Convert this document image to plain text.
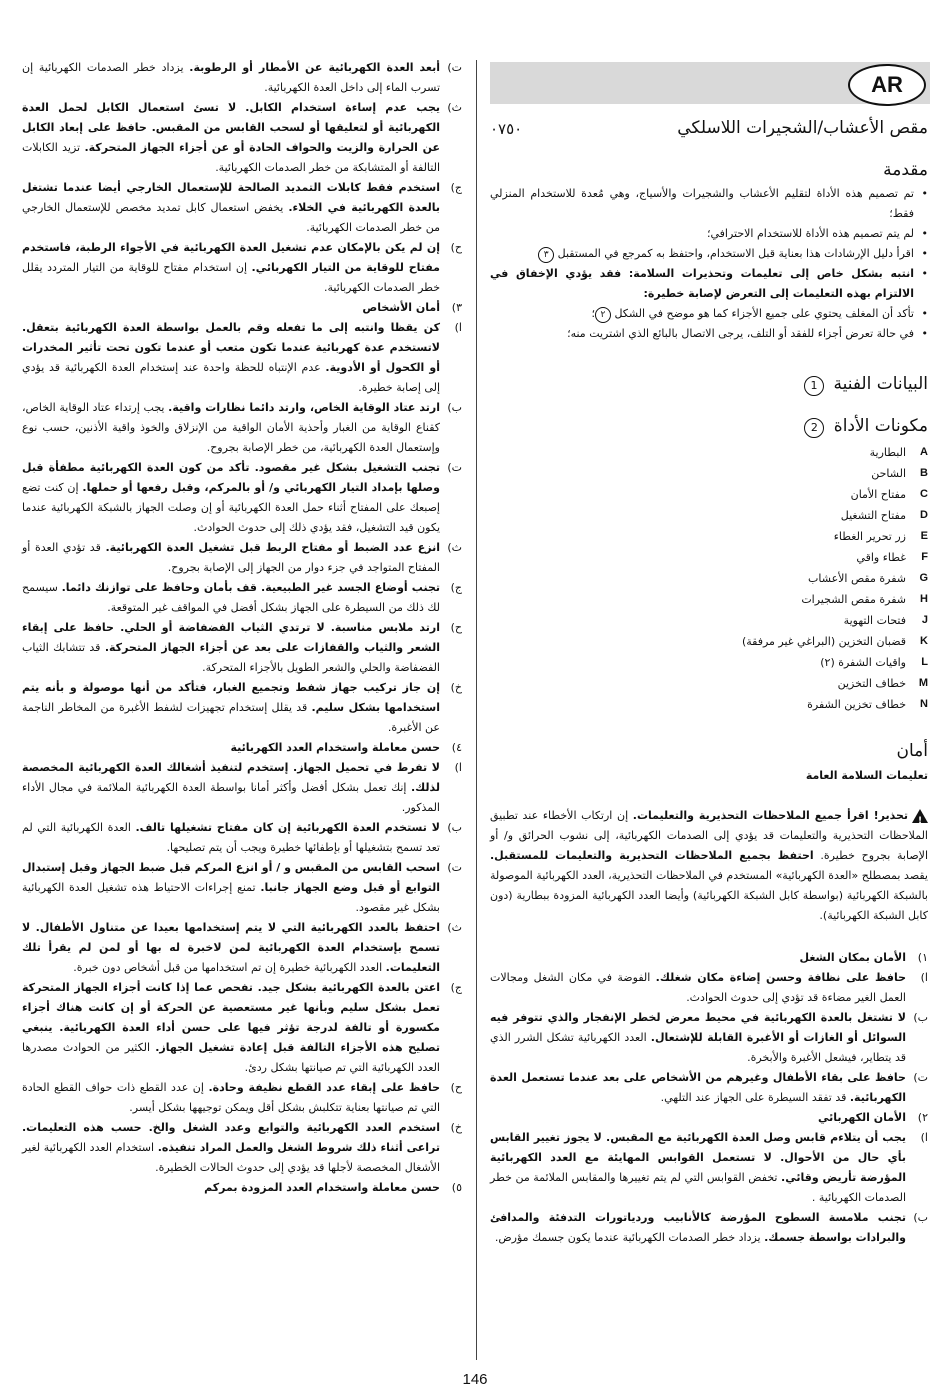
AR
مقص الأعشاب/الشجيرات اللاسلكي
٠٧٥٠
ت)
أبعد العدة الكهربائية عن الأمطار أو الرطوبة. يزداد خطر الصدمات الكهربائية إن تسرب الماء إلى داخل العدة الكهربائية.
ث)
يجب عدم إساءة استخدام الكابل. لا تسئ استعمال الكابل لحمل العدة الكهربائية أو لتعليقها أو لسحب القابس من المقبس. حافظ على إبعاد الكابل عن الحرارة والزيت والحواف الحادة أو عن أجزاء الجهاز المتحركة. تزيد الكابلات التالفة أو المتشابكة من خطر الصدمات الكهربائية.
ج)
استخدم فقط كابلات التمديد الصالحة للإستعمال الخارجي أيضا عندما تشتغل بالعدة الكهربائية في الخلاء. يخفض استعمال كابل تمديد مخصص للإستعمال الخارجي من خطر الصدمات الكهربائية.
ح)
إن لم يكن بالإمكان عدم تشغيل العدة الكهربائية في الأجواء الرطبة، فاستخدم مفتاح للوقاية من التيار الكهربائي. إن استخدام مفتاح للوقاية من التيار المتردد يقلل خطر الصدمات الكهربائية.
٣)
أمان الأشخاص
ا)
كن يقظا وانتبه إلى ما تفعله وقم بالعمل بواسطة العدة الكهربائية بتعقل. لاتستخدم عدة كهربائية عندما تكون متعب أو عندما تكون تحت تأثير المخدرات أو الكحول أو الأدوية. عدم الإنتباه للحظة واحدة عند إستخدام العدة الكهربائية قد يؤدي إلى إصابة خطيرة.
ب)
ارتد عتاد الوقاية الخاص، وارتد دائما نظارات واقية. يجب إرتداء عتاد الوقاية الخاص، كقناع الوقاية من الغبار وأحذية الأمان الواقية من الإنزلاق والخوذ واقية الأذنين، حسب نوع وإستعمال العدة الكهربائية، من خطر الإصابة بجروح.
ت)
تجنب التشغيل بشكل غير مقصود. تأكد من كون العدة الكهربائية مطفأة قبل وصلها بإمداد التيار الكهربائي و/ أو بالمركم، وقبل رفعها أو حملها. إن كنت تضع إصبعك على المفتاح أثناء حمل العدة الكهربائية أو إن وصلت الجهاز بالشبكة الكهربائية عندما يكون قيد التشغيل، فقد يؤدي ذلك إلى حدوث الحوادث.
ث)
انزع عدد الضبط أو مفتاح الربط قبل تشغيل العدة الكهربائية. قد تؤدي العدة أو المفتاح المتواجد في جزء دوار من الجهاز إلى الإصابة بجروح.
ج)
تجنب أوضاع الجسد غير الطبيعية. قف بأمان وحافظ على توازنك دائما. سيسمح لك ذلك من السيطرة على الجهاز بشكل أفضل في المواقف غير المتوقعة.
ح)
ارتد ملابس مناسبة. لا ترتدي الثياب الفضفاضة أو الحلي. حافظ على إبقاء الشعر والثياب والقفازات على بعد عن أجزاء الجهاز المتحركة. قد تتشابك الثياب الفضفاضة والحلي والشعر الطويل بالأجزاء المتحركة.
خ)
إن جاز تركيب جهاز شفط وتجميع الغبار، فتأكد من أنها موصولة و بأنه يتم استخدامها بشكل سليم. قد يقلل إستخدام تجهيزات لشفط الأغبرة من المخاطر الناجمة عن الأغبرة.
٤)
حسن معاملة واستخدام العدد الكهربائية
ا)
لا تفرط في تحميل الجهاز. إستخدم لتنفيذ أشغالك العدة الكهربائية المخصصة لذلك. إنك تعمل بشكل أفضل وأكثر أمانا بواسطة العدة الكهربائية الملائمة في مجال الأداء المذكور.
ب)
لا تستخدم العدة الكهربائية إن كان مفتاح تشغيلها تالف. العدة الكهربائية التي لم تعد تسمح بتشغيلها أو بإطفائها خطيرة ويجب أن يتم تصليحها.
ت)
اسحب القابس من المقبس و / أو انزع المركم قبل ضبط الجهاز وقبل إستبدال التوابع أو قبل وضع الجهاز جانبا. تمنع إجراءات الاحتياط هذه تشغيل العدة الكهربائية بشكل غير مقصود.
ث)
احتفظ بالعدد الكهربائية التي لا يتم إستخدامها بعيدا عن متناول الأطفال. لا تسمح بإستخدام العدة الكهربائية لمن لاخبرة له بها أو لمن لم يقرأ تلك التعليمات. العدد الكهربائية خطيرة إن تم استخدامها من قبل أشخاص دون خبرة.
ج)
اعتن بالعدة الكهربائية بشكل جيد. تفحص عما إذا كانت أجزاء الجهاز المتحركة تعمل بشكل سليم وبأنها غير مستعصية عن الحركة أو إن كانت هناك أجزاء مكسورة أو تالفة لدرجة تؤثر فيها على حسن أداء العدة الكهربائية. ينبغي تصليح هذه الأجزاء التالفة قبل إعادة تشغيل الجهاز. الكثير من الحوادث مصدرها العدد الكهربائية التي تم صيانتها بشكل ردئ.
ح)
حافظ على إبقاء عدد القطع نظيفة وحادة. إن عدد القطع ذات حواف القطع الحادة التي تم صيانتها بعناية تتكلبش بشكل أقل ويمكن توجيهها بشكل أيسر.
خ)
استخدم العدد الكهربائية والتوابع وعدد الشغل والخ. حسب هذه التعليمات. تراعى أثناء ذلك شروط الشغل والعمل المراد تنفيذه. استخدام العدد الكهربائية لغير الأشغال المخصصة لأجلها قد يؤدي إلى حدوث الحالات الخطيرة.
٥)
حسن معاملة واستخدام العدد المزودة بمركم

مقدمة

•
تم تصميم هذه الأداة لتقليم الأعشاب والشجيرات والأسياج، وهي مُعدة للاستخدام المنزلي فقط؛
•
لم يتم تصميم هذه الأداة للاستخدام الاحترافي؛
•
اقرأ دليل الإرشادات هذا بعناية قبل الاستخدام، واحتفظ به كمرجع في المستقبل ٣
•
انتبه بشكل خاص إلى تعليمات وتحذيرات السلامة: فقد يؤدي الإخفاق في الالتزام بهذه التعليمات إلى التعرض لإصابة خطيرة:
•
تأكد أن المغلف يحتوي على جميع الأجزاء كما هو موضح في الشكل ٢؛
•
في حالة تعرض أجزاء للفقد أو التلف، يرجى الاتصال بالبائع الذي اشتريت منه؛

البيانات الفنية 1

مكونات الأداة 2

A
البطارية
B
الشاحن
C
مفتاح الأمان
D
مفتاح التشغيل
E
زر تحرير الغطاء
F
غطاء واقي
G
شفرة مقص الأعشاب
H
شفرة مقص الشجيرات
J
فتحات التهوية
K
قضبان التخزين (البراغي غير مرفقة)
L
واقيات الشفرة (٢)
M
خطاف التخزين
N
خطاف تخزين الشفرة

أمان

تعليمات السلامة العامة

!
تحذير! اقرأ جميع الملاحظات التحذيرية والتعليمات. إن ارتكاب الأخطاء عند تطبيق الملاحظات التحذيرية والتعليمات قد يؤدي إلى الصدمات الكهربائية، إلى نشوب الحرائق و/ أو الإصابة بجروح خطيرة. احتفظ بجميع الملاحظات التحذيرية والتعليمات للمستقبل. يقصد بمصطلح «العدة الكهربائية» المستخدم في الملاحظات التحذيرية، العدد الكهربائية الموصولة بالشبكة الكهربائية (بواسطة كابل الشبكة الكهربائية) وأيضا العدد الكهربائية المزودة ببطارية (دون كابل الشبكة الكهربائية).
١)
الأمان بمكان الشغل
ا)
حافظ على نظافة وحسن إضاءة مكان شغلك. الفوضة في مكان الشغل ومجالات العمل الغير مضاءة قد تؤدي إلى حدوث الحوادث.
ب)
لا تشتغل بالعدة الكهربائية في محيط معرض لخطر الإنفجار والذي تتوفر فيه السوائل أو الغازات أو الأغبرة القابلة للإشتعال. العدد الكهربائية تشكل الشرر الذي قد يتطاير، فيشعل الأغبرة والأبخرة.
ت)
حافظ على بقاء الأطفال وغيرهم من الأشخاص على بعد عندما تستعمل العدة الكهربائية. قد تفقد السيطرة على الجهاز عند التلهي.
٢)
الأمان الكهربائي
ا)
يجب أن يتلاءم قابس وصل العدة الكهربائية مع المقبس. لا يجوز تغيير القابس بأي حال من الأحوال. لا تستعمل القوابس المهايئة مع العدد الكهربائية المؤرضة تأريض وقائي. تخفض القوابس التي لم يتم تغييرها والمقابس الملائمة من خطر الصدمات الكهربائية .
ب)
تجنب ملامسة السطوح المؤرضة كالأنابيب وردياتورات التدفئة والمدافئ والبرادات بواسطة جسمك. يزداد خطر الصدمات الكهربائية عندما يكون جسمك مؤرض.
146
